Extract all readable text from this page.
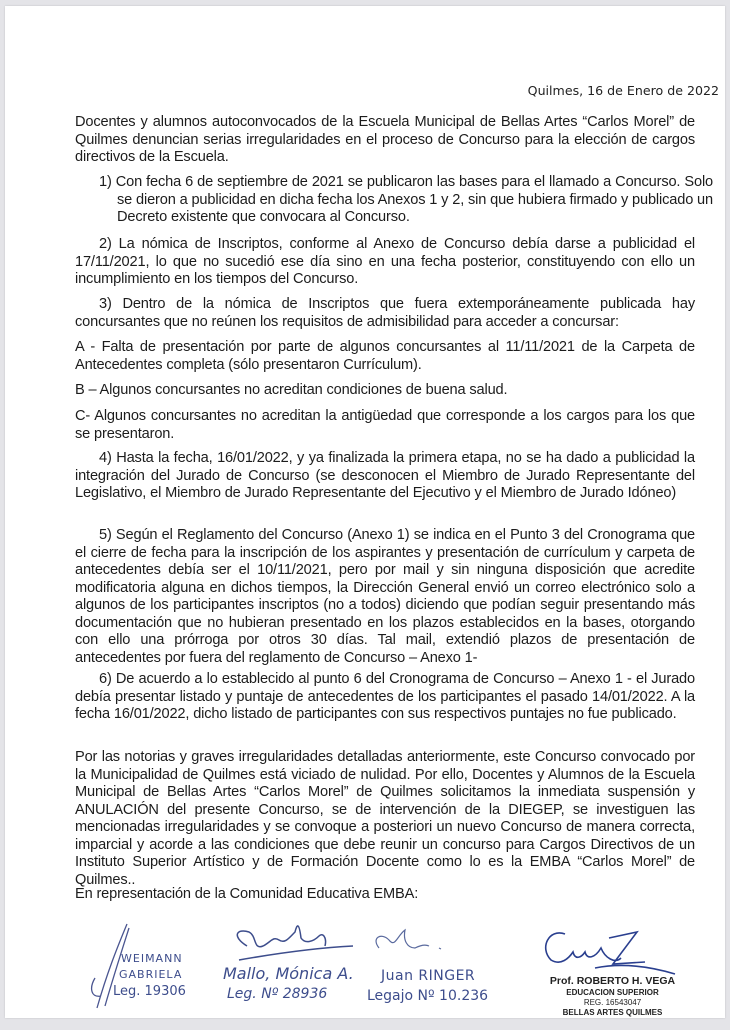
Quilmes, 16 de Enero de 2022

Docentes y alumnos autoconvocados de la Escuela Municipal de Bellas Artes “Carlos Morel” de Quilmes denuncian serias irregularidades en el proceso de Concurso para la elección de cargos directivos de la Escuela.

1) Con fecha 6 de septiembre de 2021 se publicaron las bases para el llamado a Concurso. Solo se dieron a publicidad en dicha fecha los Anexos 1 y 2, sin que hubiera firmado y publicado un Decreto existente que convocara al Concurso.

2) La nómica de Inscriptos, conforme al Anexo de Concurso debía darse a publicidad el 17/11/2021, lo que no sucedió ese día sino en una fecha posterior, constituyendo con ello un incumplimiento en los tiempos del Concurso.

3) Dentro de la nómica de Inscriptos que fuera extemporáneamente publicada hay concursantes que no reúnen los requisitos de admisibilidad para acceder a concursar:

A - Falta de presentación por parte de algunos concursantes al 11/11/2021 de la Carpeta de Antecedentes completa (sólo presentaron Currículum).

B – Algunos concursantes no acreditan condiciones de buena salud.

C- Algunos concursantes no acreditan la antigüedad que corresponde a los cargos para los que se presentaron.

4) Hasta la fecha, 16/01/2022, y ya finalizada la primera etapa, no se ha dado a publicidad la integración del Jurado de Concurso (se desconocen el Miembro de Jurado Representante del Legislativo, el Miembro de Jurado Representante del Ejecutivo y el Miembro de Jurado Idóneo)

5) Según el Reglamento del Concurso (Anexo 1) se indica en el Punto 3 del Cronograma que el cierre de fecha para la inscripción de los aspirantes y presentación de currículum y carpeta de antecedentes debía ser el 10/11/2021, pero por mail y sin ninguna disposición que acredite modificatoria alguna en dichos tiempos, la Dirección General envió un correo electrónico solo a algunos de los participantes inscriptos (no a todos) diciendo que podían seguir presentando más documentación que no hubieran presentado en los plazos establecidos en la bases, otorgando con ello una prórroga por otros 30 días. Tal mail, extendió plazos de presentación de antecedentes por fuera del reglamento de Concurso – Anexo 1-

6) De acuerdo a lo establecido al punto 6 del Cronograma de Concurso – Anexo 1 - el Jurado debía presentar listado y puntaje de antecedentes de los participantes el pasado 14/01/2022. A la fecha 16/01/2022, dicho listado de participantes con sus respectivos puntajes no fue publicado.

Por las notorias y graves irregularidades detalladas anteriormente, este Concurso convocado por la Municipalidad de Quilmes está viciado de nulidad. Por ello, Docentes y Alumnos de la Escuela Municipal de Bellas Artes “Carlos Morel” de Quilmes solicitamos la inmediata suspensión y ANULACIÓN del presente Concurso, se de intervención de la DIEGEP, se investiguen las mencionadas irregularidades y se convoque a posteriori un nuevo Concurso de manera correcta, imparcial y acorde a las condiciones que debe reunir un concurso para Cargos Directivos de un Instituto Superior Artístico y de Formación Docente como lo es la EMBA “Carlos Morel” de Quilmes..

En representación de la Comunidad Educativa EMBA:

WEIMANN
GABRIELA
Leg. 19306
Mallo, Mónica A.
Leg. Nº 28936
Juan RINGER
Legajo Nº 10.236
Prof. ROBERTO H. VEGA
EDUCACION SUPERIOR
REG. 16543047
BELLAS ARTES QUILMES
